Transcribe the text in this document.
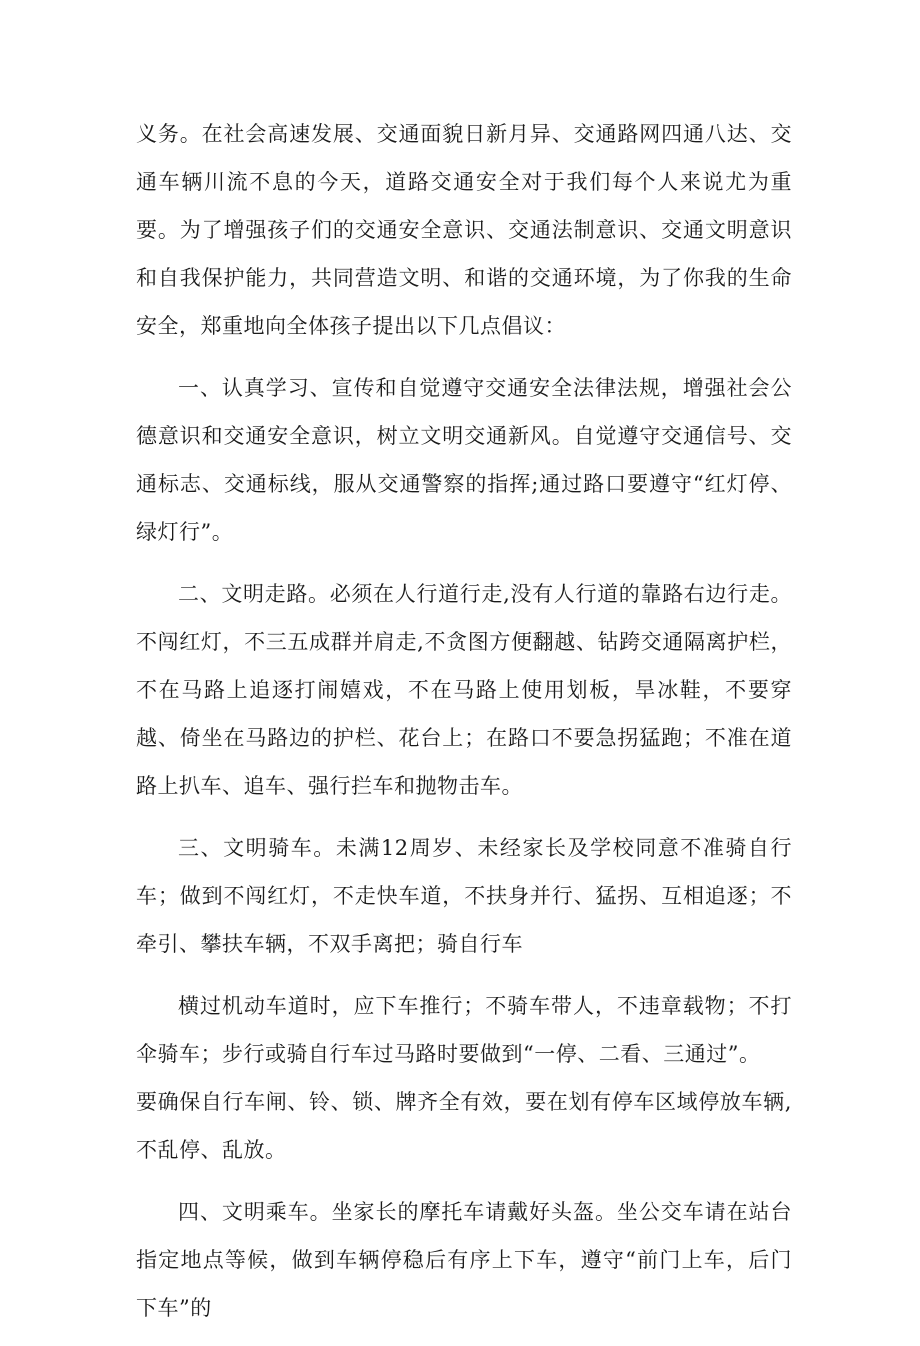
义务。在社会高速发展、交通面貌日新月异、交通路网四通八达、交通车辆川流不息的今天，道路交通安全对于我们每个人来说尤为重要。为了增强孩子们的交通安全意识、交通法制意识、交通文明意识和自我保护能力，共同营造文明、和谐的交通环境，为了你我的生命安全，郑重地向全体孩子提出以下几点倡议：

一、认真学习、宣传和自觉遵守交通安全法律法规，增强社会公德意识和交通安全意识，树立文明交通新风。自觉遵守交通信号、交通标志、交通标线，服从交通警察的指挥;通过路口要遵守“红灯停、绿灯行”。

二、文明走路。必须在人行道行走,没有人行道的靠路右边行走。不闯红灯，不三五成群并肩走,不贪图方便翻越、钻跨交通隔离护栏，不在马路上追逐打闹嬉戏，不在马路上使用划板，旱冰鞋，不要穿越、倚坐在马路边的护栏、花台上；在路口不要急拐猛跑；不准在道路上扒车、追车、强行拦车和抛物击车。

三、文明骑车。未满12周岁、未经家长及学校同意不准骑自行车；做到不闯红灯，不走快车道，不扶身并行、猛拐、互相追逐；不牵引、攀扶车辆，不双手离把；骑自行车

横过机动车道时，应下车推行；不骑车带人，不违章载物；不打伞骑车；步行或骑自行车过马路时要做到“一停、二看、三通过”。

要确保自行车闸、铃、锁、牌齐全有效，要在划有停车区域停放车辆,不乱停、乱放。

四、文明乘车。坐家长的摩托车请戴好头盔。坐公交车请在站台指定地点等候，做到车辆停稳后有序上下车，遵守“前门上车，后门下车”的
